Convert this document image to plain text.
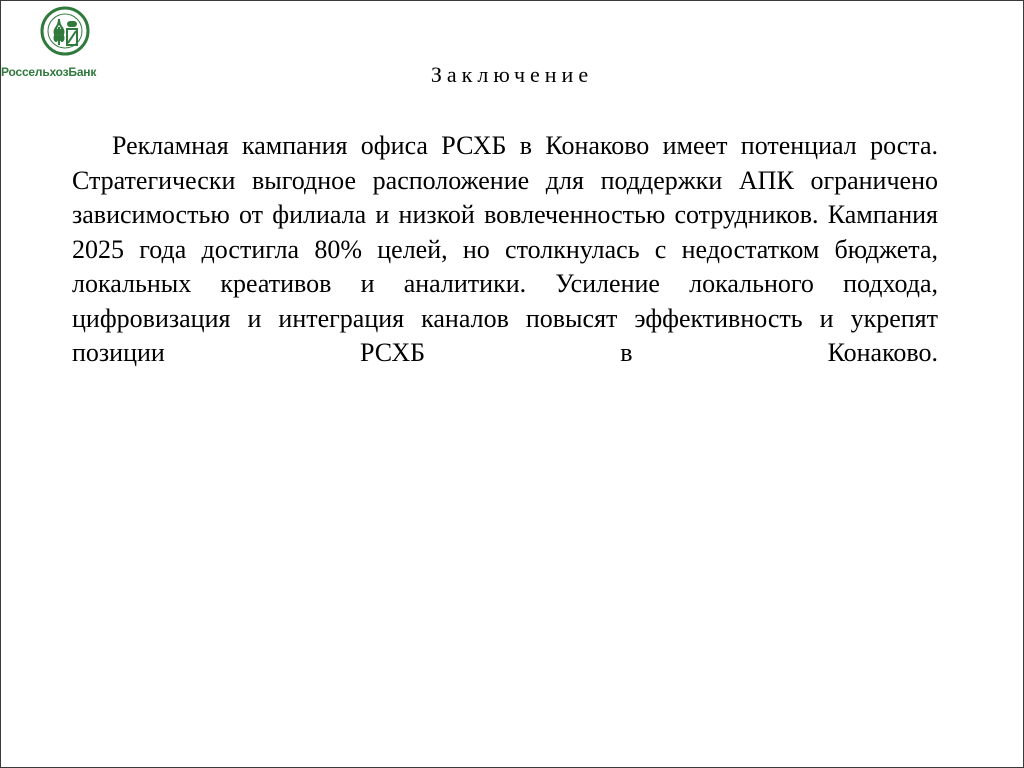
РоссельхозБанк	Заключение

Рекламная кампания офиса РСХБ в Конаково имеет потенциал роста. Стратегически выгодное расположение для поддержки АПК ограничено зависимостью от филиала и низкой вовлеченностью сотрудников. Кампания 2025 года достигла 80% целей, но столкнулась с недостатком бюджета, локальных креативов и аналитики. Усиление локального подхода, цифровизация и интеграция каналов повысят эффективность и укрепят позиции РСХБ в Конаково.
